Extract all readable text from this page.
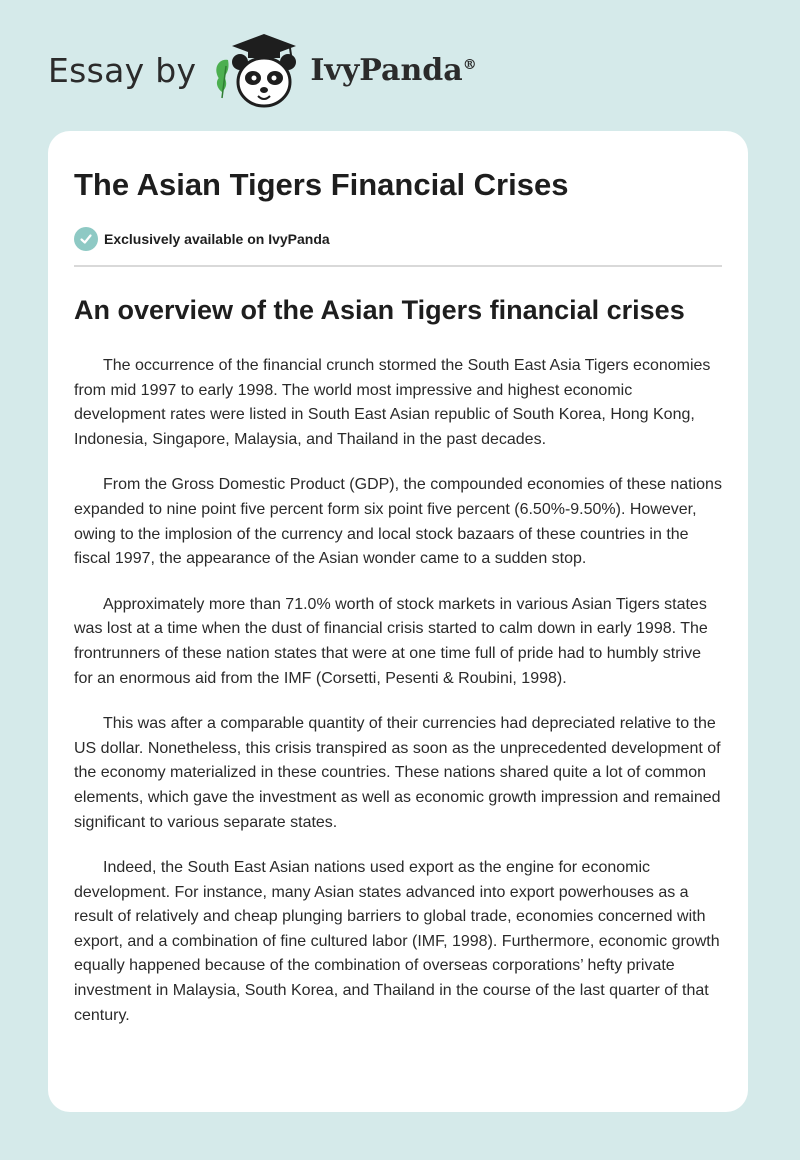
Essay by	IvyPanda®
The Asian Tigers Financial Crises
Exclusively available on IvyPanda
An overview of the Asian Tigers financial crises

The occurrence of the financial crunch stormed the South East Asia Tigers economies from mid 1997 to early 1998. The world most impressive and highest economic development rates were listed in South East Asian republic of South Korea, Hong Kong, Indonesia, Singapore, Malaysia, and Thailand in the past decades.

From the Gross Domestic Product (GDP), the compounded economies of these nations expanded to nine point five percent form six point five percent (6.50%-9.50%). However, owing to the implosion of the currency and local stock bazaars of these countries in the fiscal 1997, the appearance of the Asian wonder came to a sudden stop.

Approximately more than 71.0% worth of stock markets in various Asian Tigers states was lost at a time when the dust of financial crisis started to calm down in early 1998. The frontrunners of these nation states that were at one time full of pride had to humbly strive for an enormous aid from the IMF (Corsetti, Pesenti & Roubini, 1998).

This was after a comparable quantity of their currencies had depreciated relative to the US dollar. Nonetheless, this crisis transpired as soon as the unprecedented development of the economy materialized in these countries. These nations shared quite a lot of common elements, which gave the investment as well as economic growth impression and remained significant to various separate states.

Indeed, the South East Asian nations used export as the engine for economic development. For instance, many Asian states advanced into export powerhouses as a result of relatively and cheap plunging barriers to global trade, economies concerned with export, and a combination of fine cultured labor (IMF, 1998). Furthermore, economic growth equally happened because of the combination of overseas corporations’ hefty private investment in Malaysia, South Korea, and Thailand in the course of the last quarter of that century.
